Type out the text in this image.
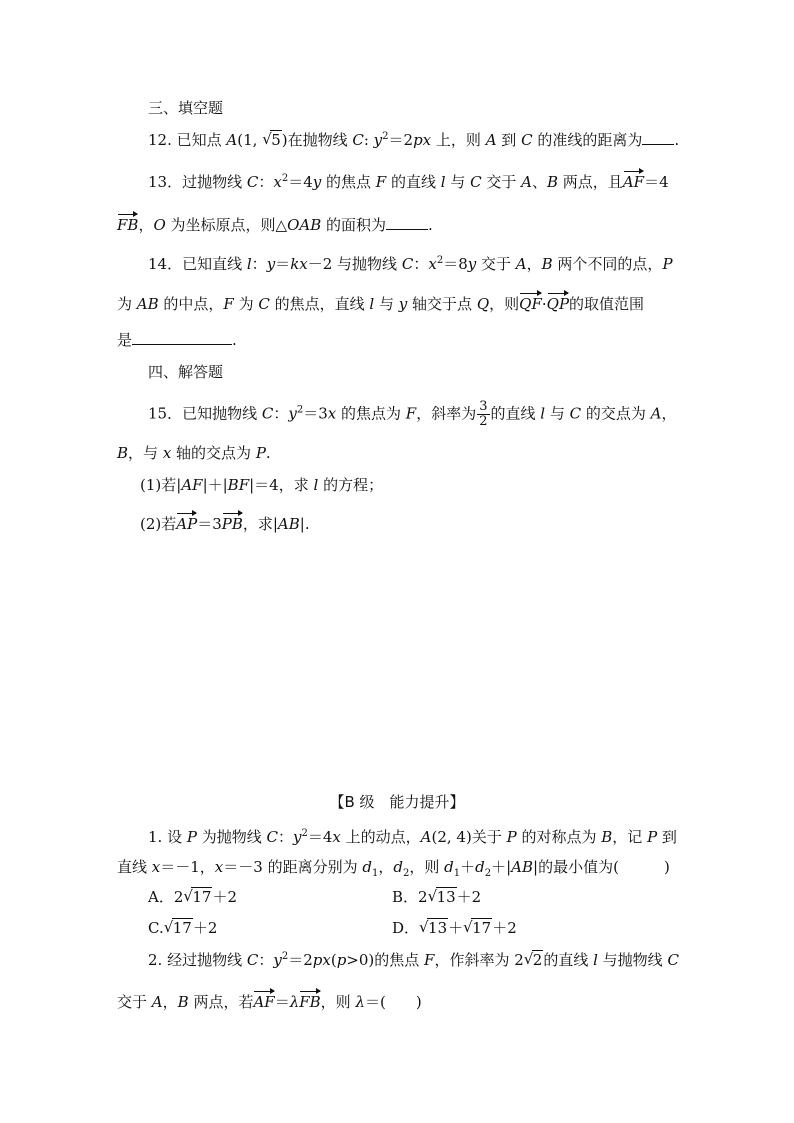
三、填空题
12. 已知点 A(1, √ 5)在抛物线 C: $y^2=2px$ 上，则 A 到 C 的准线的距离为 .
13．过抛物线 C：$x^2=4y$ 的焦点 F 的直线 l 与 C 交于 A、B 两点，且AF＝4
FB，O 为坐标原点，则△OAB 的面积为	.
14．已知直线 l：y＝kx－2 与抛物线 C：$x^2=8y$ 交于 A，B 两个不同的点，P
为 AB 的中点，F 为 C 的焦点，直线 l 与 y 轴交于点 Q，则QF·QP的取值范围
是	.
四、解答题
15．已知抛物线 C：$y^2=3x$ 的焦点为 F，斜率为 $\frac{3}{2}$ 的直线 l 与 C 的交点为 A，
B，与 x 轴的交点为 P.
(1)若|AF|＋|BF|＝4，求 l 的方程；
(2)若AP＝3PB，求|AB|.
【B 级　能力提升】
1. 设 P 为抛物线 C：$y^2=4x$ 上的动点，A(2, 4)关于 P 的对称点为 B，记 P 到
直线 x＝－1，x＝－3 的距离分别为 $d_1$，$d_2$，则 $d_1+d_2+|AB|$的最小值为(　　　)
A．2 √ 17＋2	B．2 √ 13＋2
C. √ 17＋2	D． √ 13＋ √ 17＋2
2. 经过抛物线 C：$y^2=2px(p>0)$的焦点 F，作斜率为 2 √ 2的直线 l 与抛物线 C
交于 A，B 两点，若AF＝λFB，则 λ＝(　　)
